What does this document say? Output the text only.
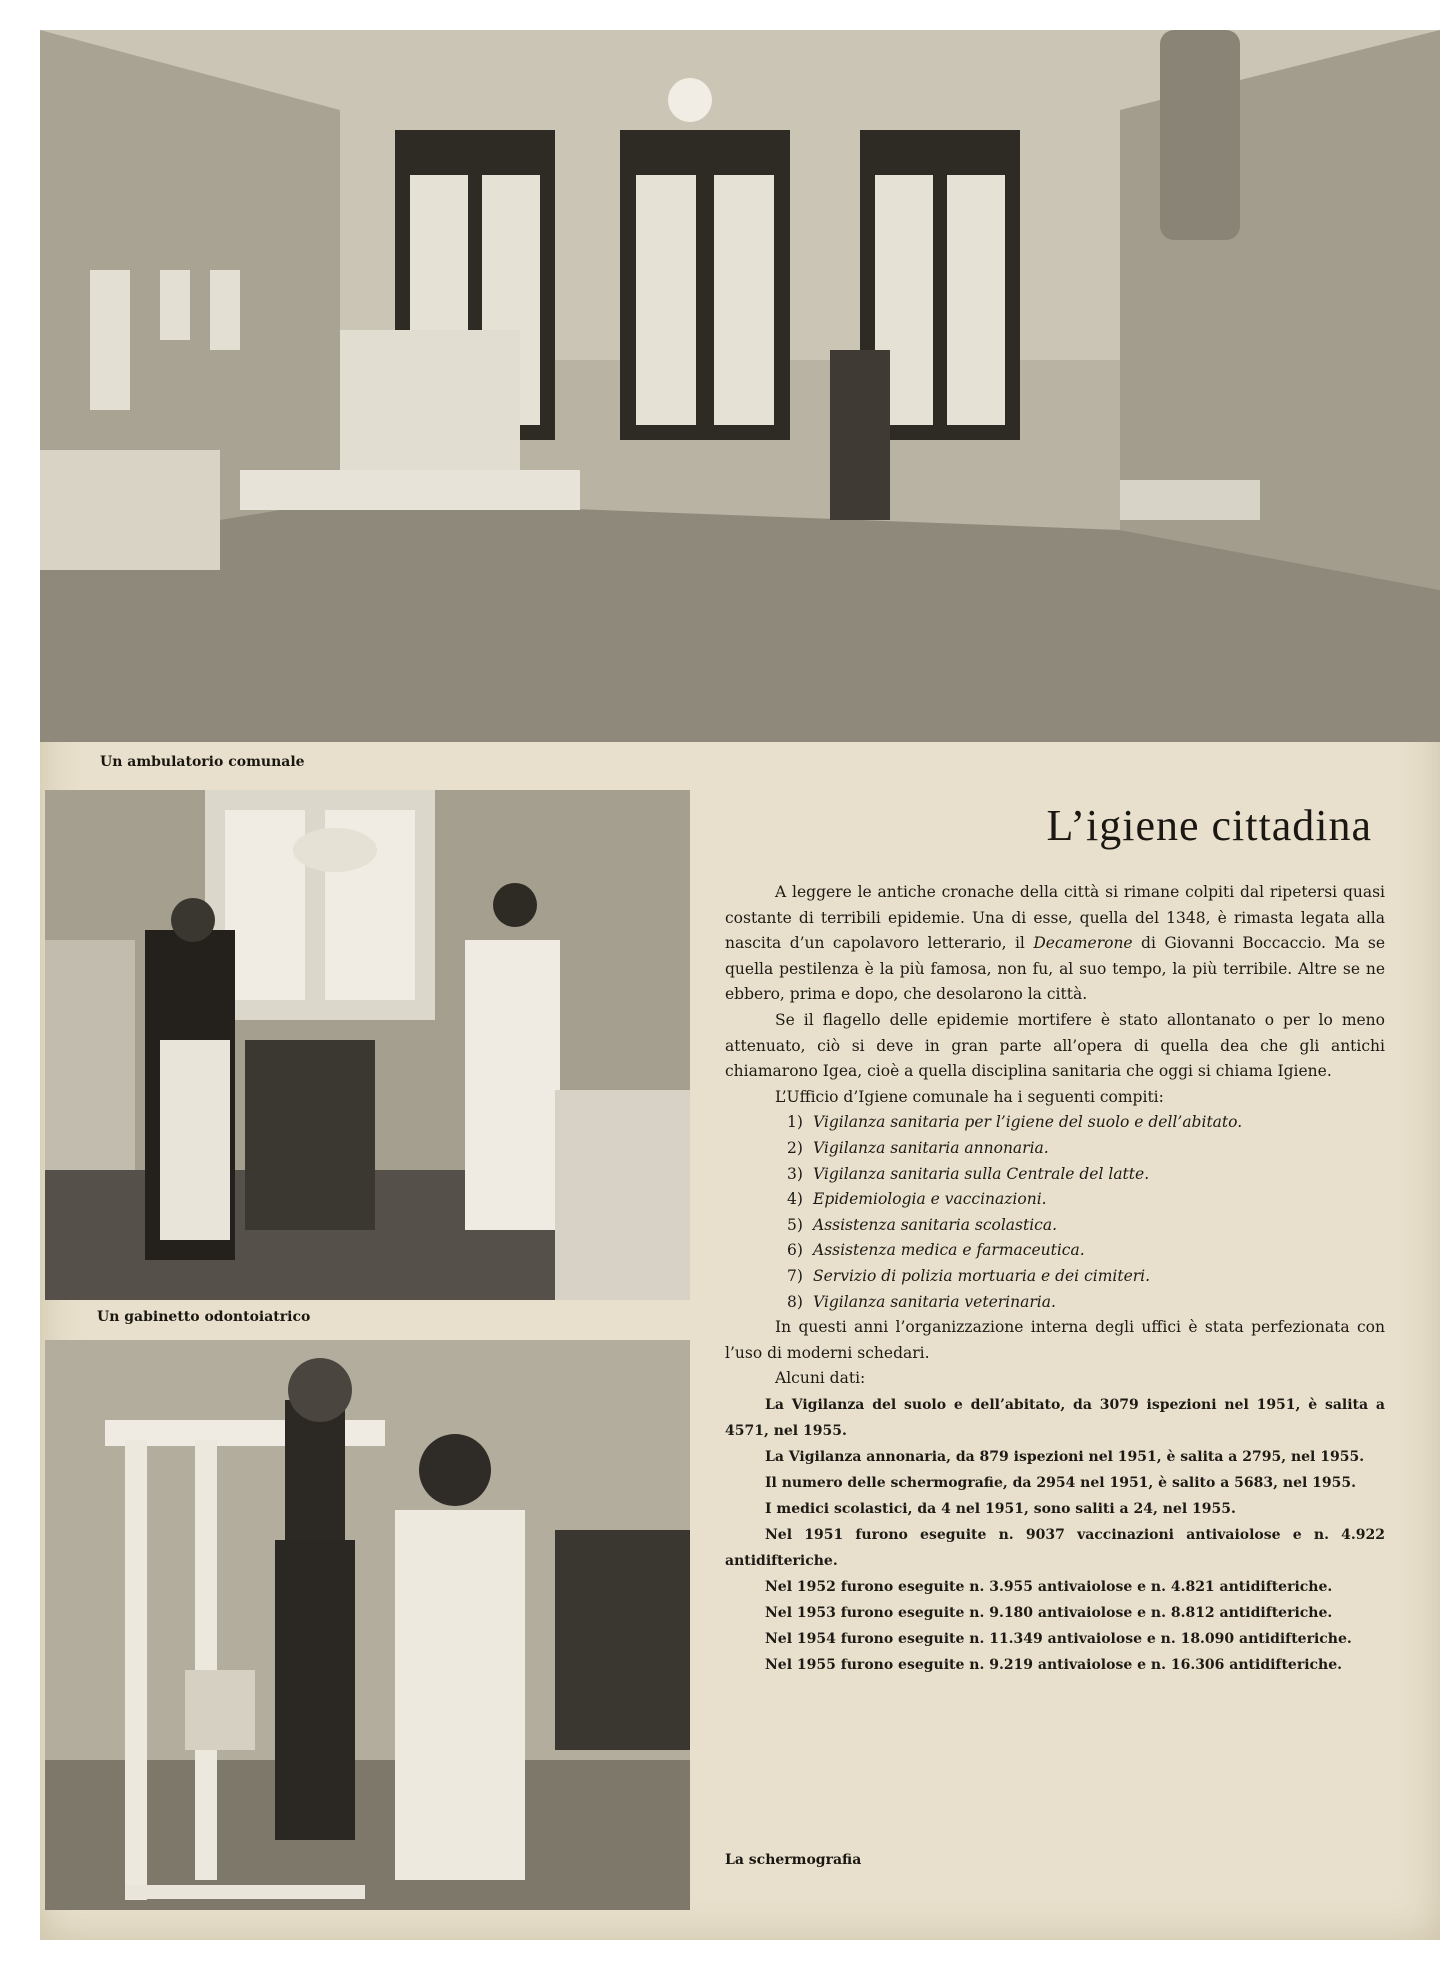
Un ambulatorio comunale
Un gabinetto odontoiatrico
La schermografia
L’igiene cittadina

A leggere le antiche cronache della città si rimane colpiti dal ripetersi quasi costante di terribili epidemie. Una di esse, quella del 1348, è rimasta legata alla nascita d’un capolavoro letterario, il Decamerone di Giovanni Boccaccio. Ma se quella pestilenza è la più famosa, non fu, al suo tempo, la più terribile. Altre se ne ebbero, prima e dopo, che desolarono la città.

Se il flagello delle epidemie mortifere è stato allontanato o per lo meno attenuato, ciò si deve in gran parte all’opera di quella dea che gli antichi chiamarono Igea, cioè a quella disciplina sanitaria che oggi si chiama Igiene.

L’Ufficio d’Igiene comunale ha i seguenti compiti:

1) Vigilanza sanitaria per l’igiene del suolo e dell’abitato.
2) Vigilanza sanitaria annonaria.
3) Vigilanza sanitaria sulla Centrale del latte.
4) Epidemiologia e vaccinazioni.
5) Assistenza sanitaria scolastica.
6) Assistenza medica e farmaceutica.
7) Servizio di polizia mortuaria e dei cimiteri.
8) Vigilanza sanitaria veterinaria.

In questi anni l’organizzazione interna degli uffici è stata perfezionata con l’uso di moderni schedari.

Alcuni dati:

La Vigilanza del suolo e dell’abitato, da 3079 ispezioni nel 1951, è salita a 4571, nel 1955.

La Vigilanza annonaria, da 879 ispezioni nel 1951, è salita a 2795, nel 1955.

Il numero delle schermografie, da 2954 nel 1951, è salito a 5683, nel 1955.

I medici scolastici, da 4 nel 1951, sono saliti a 24, nel 1955.

Nel 1951 furono eseguite n. 9037 vaccinazioni antivaiolose e n. 4.922 antidifteriche.

Nel 1952 furono eseguite n. 3.955 antivaiolose e n. 4.821 antidifteriche.

Nel 1953 furono eseguite n. 9.180 antivaiolose e n. 8.812 antidifteriche.

Nel 1954 furono eseguite n. 11.349 antivaiolose e n. 18.090 antidifteriche.

Nel 1955 furono eseguite n. 9.219 antivaiolose e n. 16.306 antidifteriche.
